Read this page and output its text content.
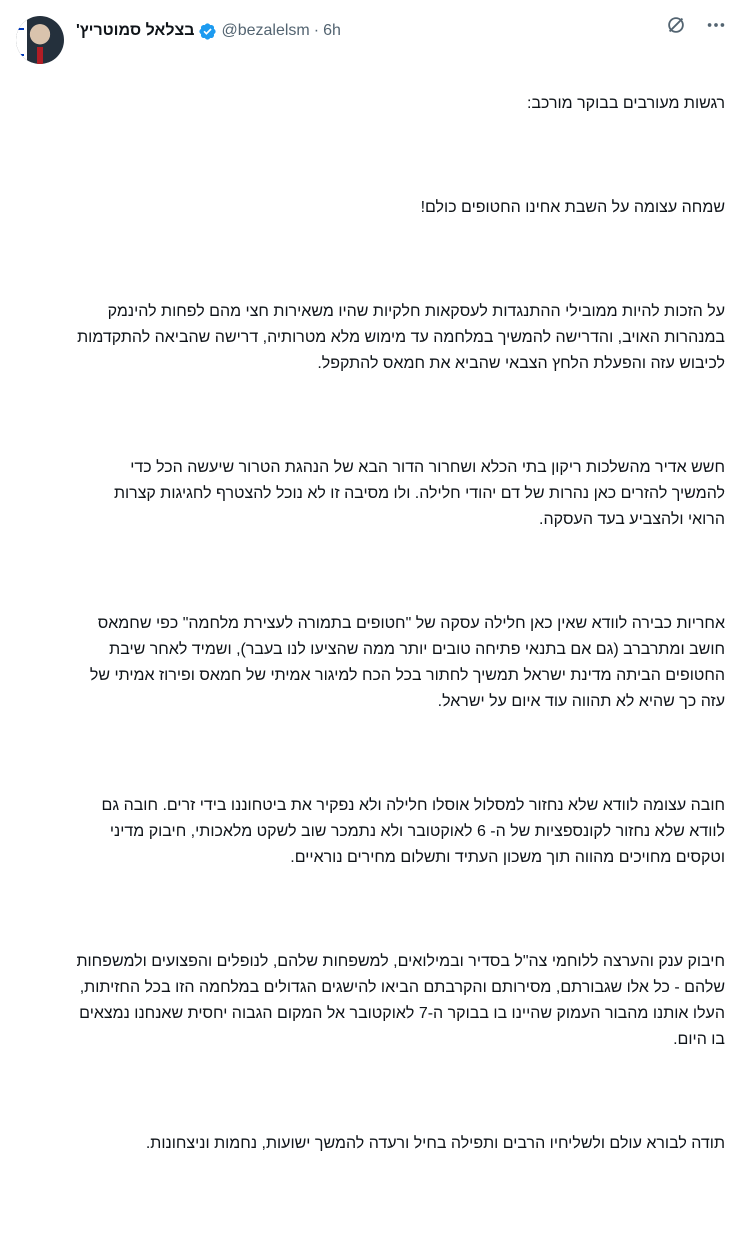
בצלאל סמוטריץ' @bezalelsm · 6h

רגשות מעורבים בבוקר מורכב:

שמחה עצומה על השבת אחינו החטופים כולם!

על הזכות להיות ממובילי ההתנגדות לעסקאות חלקיות שהיו משאירות חצי מהם לפחות להינמק במנהרות האויב, והדרישה להמשיך במלחמה עד מימוש מלא מטרותיה, דרישה שהביאה להתקדמות לכיבוש עזה והפעלת הלחץ הצבאי שהביא את חמאס להתקפל.

חשש אדיר מהשלכות ריקון בתי הכלא ושחרור הדור הבא של הנהגת הטרור שיעשה הכל כדי להמשיך להזרים כאן נהרות של דם יהודי חלילה. ולו מסיבה זו לא נוכל להצטרף לחגיגות קצרות הרואי ולהצביע בעד העסקה.

אחריות כבירה לוודא שאין כאן חלילה עסקה של "חטופים בתמורה לעצירת מלחמה" כפי שחמאס חושב ומתרברב (גם אם בתנאי פתיחה טובים יותר ממה שהציעו לנו בעבר), ושמיד לאחר שיבת החטופים הביתה מדינת ישראל תמשיך לחתור בכל הכח למיגור אמיתי של חמאס ופירוז אמיתי של עזה כך שהיא לא תהווה עוד איום על ישראל.

חובה עצומה לוודא שלא נחזור למסלול אוסלו חלילה ולא נפקיר את ביטחוננו בידי זרים. חובה גם לוודא שלא נחזור לקונספציות של ה- 6 לאוקטובר ולא נתמכר שוב לשקט מלאכותי, חיבוק מדיני וטקסים מחויכים מהווה תוך משכון העתיד ותשלום מחירים נוראיים.

חיבוק ענק והערצה ללוחמי צה"ל בסדיר ובמילואים, למשפחות שלהם, לנופלים והפצועים ולמשפחות שלהם - כל אלו שגבורתם, מסירותם והקרבתם הביאו להישגים הגדולים במלחמה הזו בכל החזיתות, העלו אותנו מהבור העמוק שהיינו בו בבוקר ה-7 לאוקטובר אל המקום הגבוה יחסית שאנחנו נמצאים בו היום.

תודה לבורא עולם ולשליחיו הרבים ותפילה בחיל ורעדה להמשך ישועות, נחמות וניצחונות.
